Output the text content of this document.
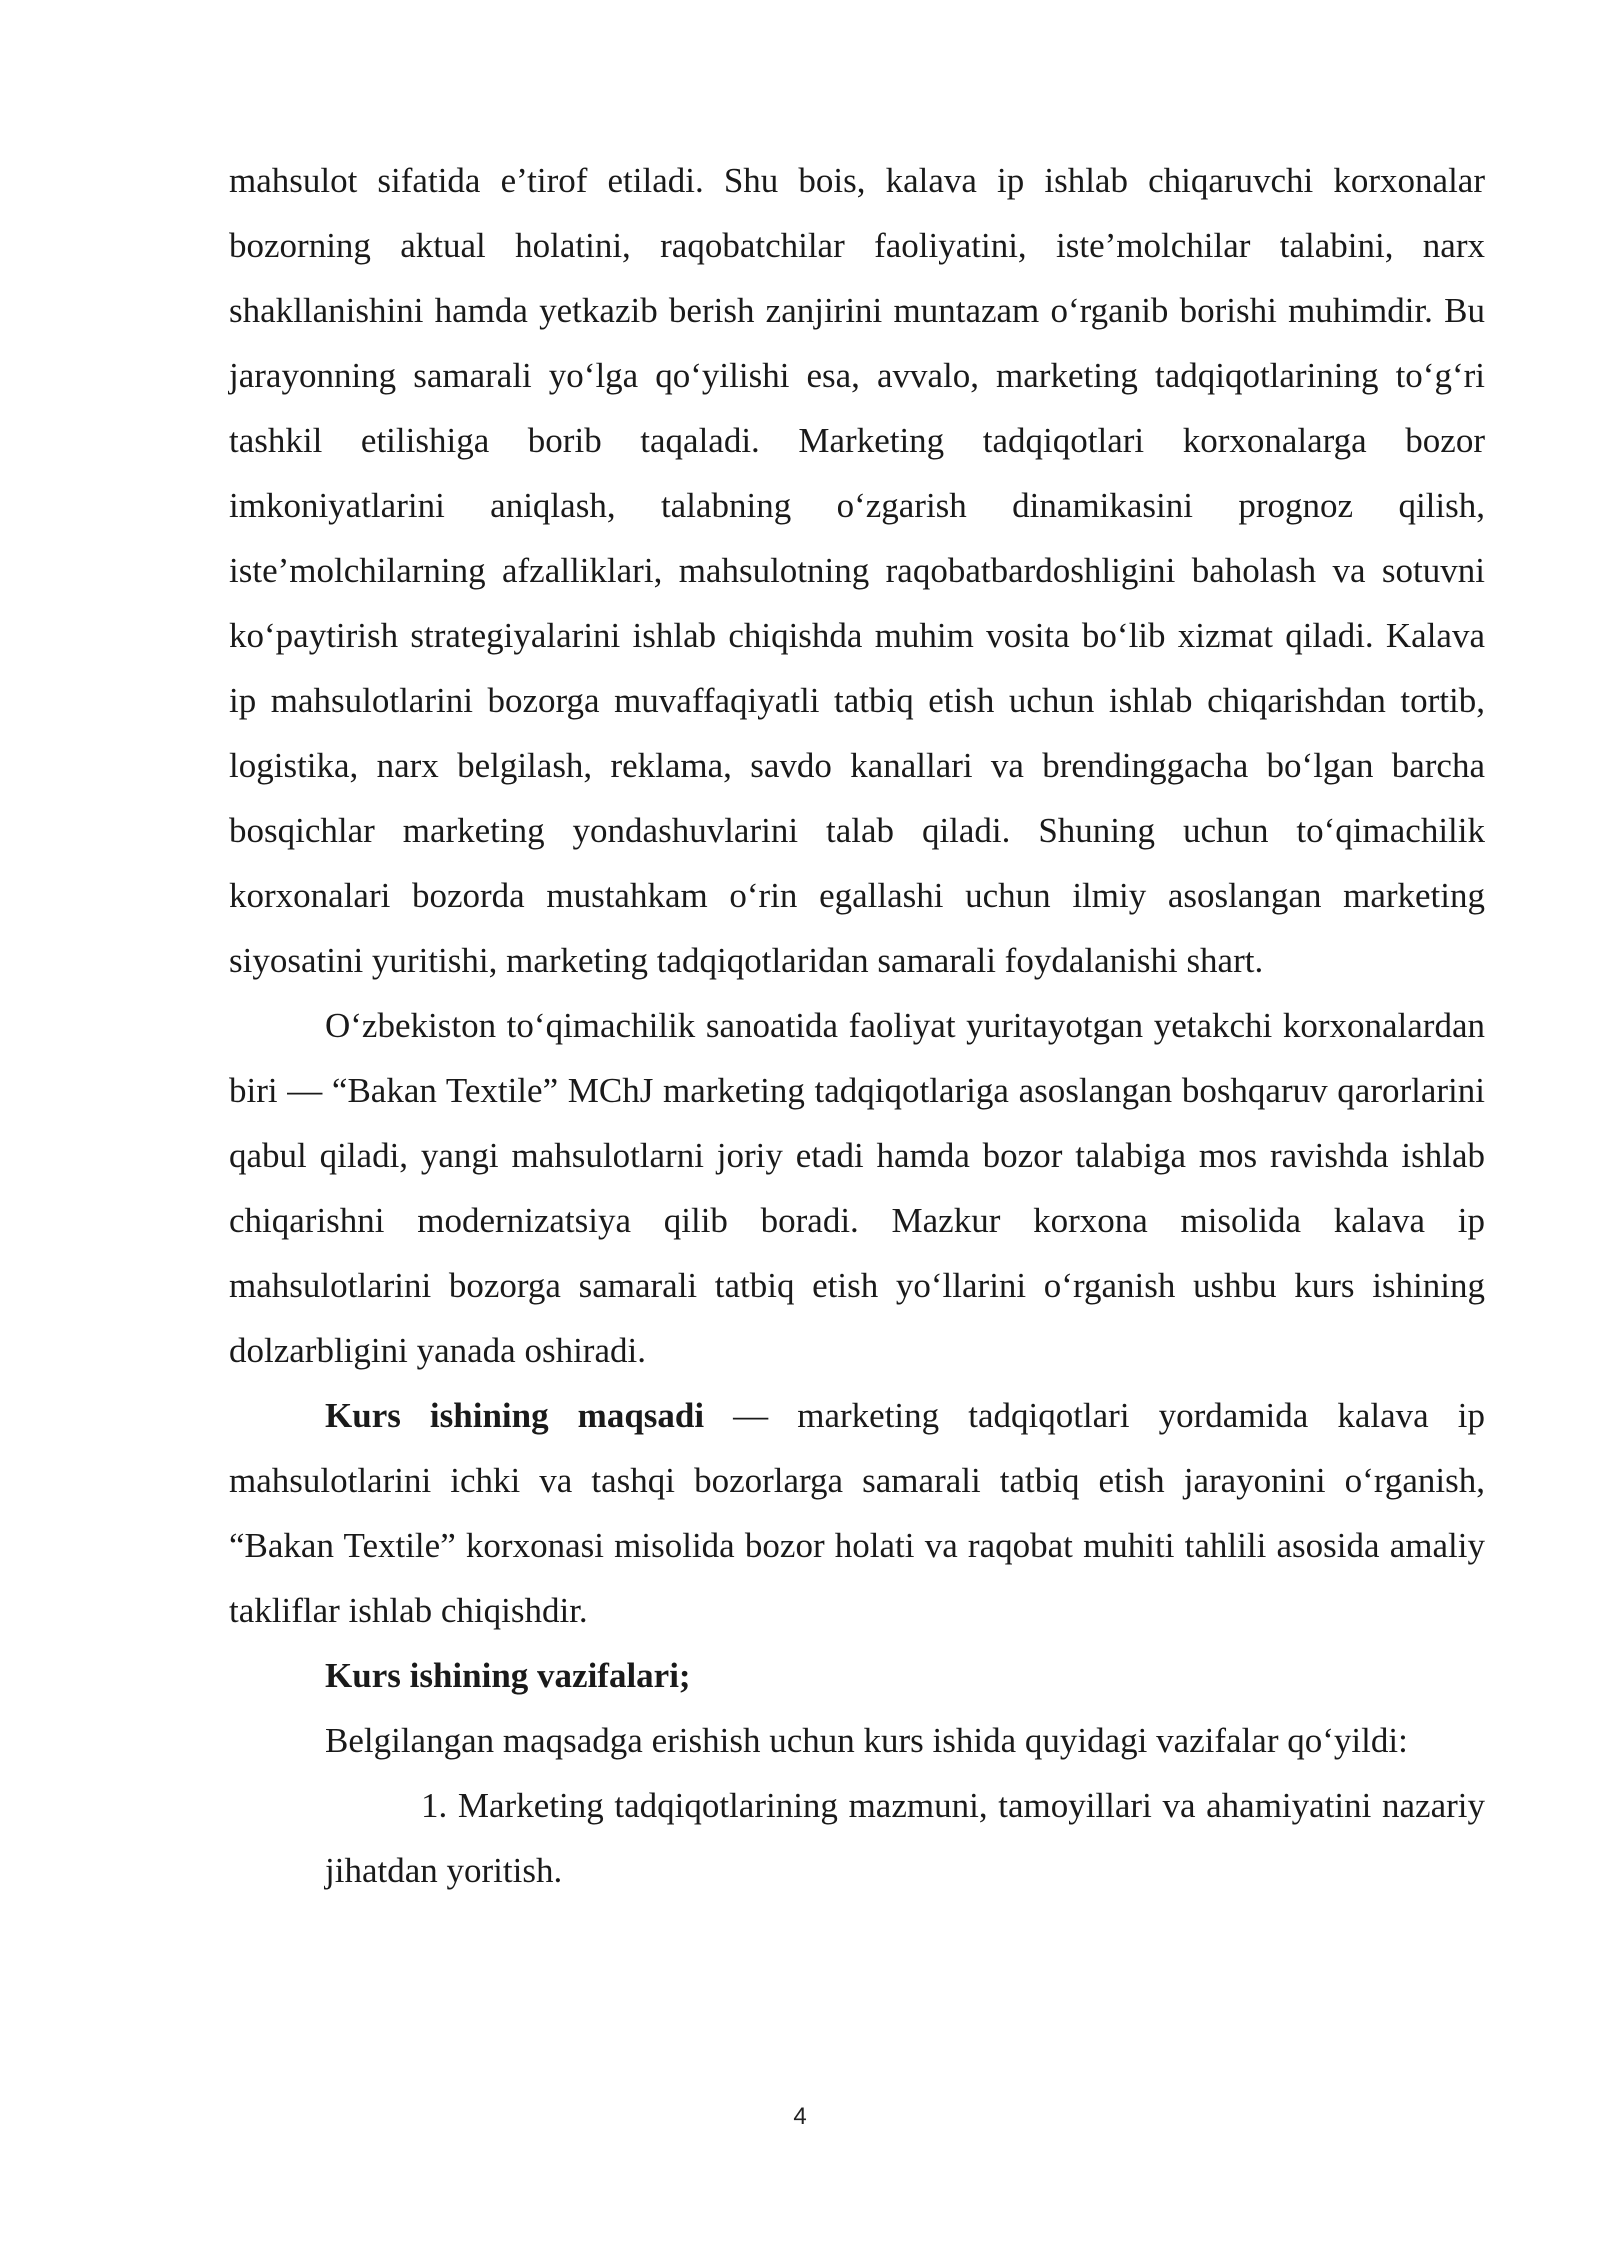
mahsulot sifatida e’tirof etiladi. Shu bois, kalava ip ishlab chiqaruvchi korxonalar bozorning aktual holatini, raqobatchilar faoliyatini, iste’molchilar talabini, narx shakllanishini hamda yetkazib berish zanjirini muntazam o‘rganib borishi muhimdir. Bu jarayonning samarali yo‘lga qo‘yilishi esa, avvalo, marketing tadqiqotlarining to‘g‘ri tashkil etilishiga borib taqaladi. Marketing tadqiqotlari korxonalarga bozor imkoniyatlarini aniqlash, talabning o‘zgarish dinamikasini prognoz qilish, iste’molchilarning afzalliklari, mahsulotning raqobatbardoshligini baholash va sotuvni ko‘paytirish strategiyalarini ishlab chiqishda muhim vosita bo‘lib xizmat qiladi. Kalava ip mahsulotlarini bozorga muvaffaqiyatli tatbiq etish uchun ishlab chiqarishdan tortib, logistika, narx belgilash, reklama, savdo kanallari va brendinggacha bo‘lgan barcha bosqichlar marketing yondashuvlarini talab qiladi. Shuning uchun to‘qimachilik korxonalari bozorda mustahkam o‘rin egallashi uchun ilmiy asoslangan marketing siyosatini yuritishi, marketing tadqiqotlaridan samarali foydalanishi shart.

O‘zbekiston to‘qimachilik sanoatida faoliyat yuritayotgan yetakchi korxonalardan biri — “Bakan Textile” MChJ marketing tadqiqotlariga asoslangan boshqaruv qarorlarini qabul qiladi, yangi mahsulotlarni joriy etadi hamda bozor talabiga mos ravishda ishlab chiqarishni modernizatsiya qilib boradi. Mazkur korxona misolida kalava ip mahsulotlarini bozorga samarali tatbiq etish yo‘llarini o‘rganish ushbu kurs ishining dolzarbligini yanada oshiradi.

Kurs ishining maqsadi — marketing tadqiqotlari yordamida kalava ip mahsulotlarini ichki va tashqi bozorlarga samarali tatbiq etish jarayonini o‘rganish, “Bakan Textile” korxonasi misolida bozor holati va raqobat muhiti tahlili asosida amaliy takliflar ishlab chiqishdir.

Kurs ishining vazifalari;

Belgilangan maqsadga erishish uchun kurs ishida quyidagi vazifalar qo‘yildi:

1. Marketing tadqiqotlarining mazmuni, tamoyillari va ahamiyatini nazariy jihatdan yoritish.

4
